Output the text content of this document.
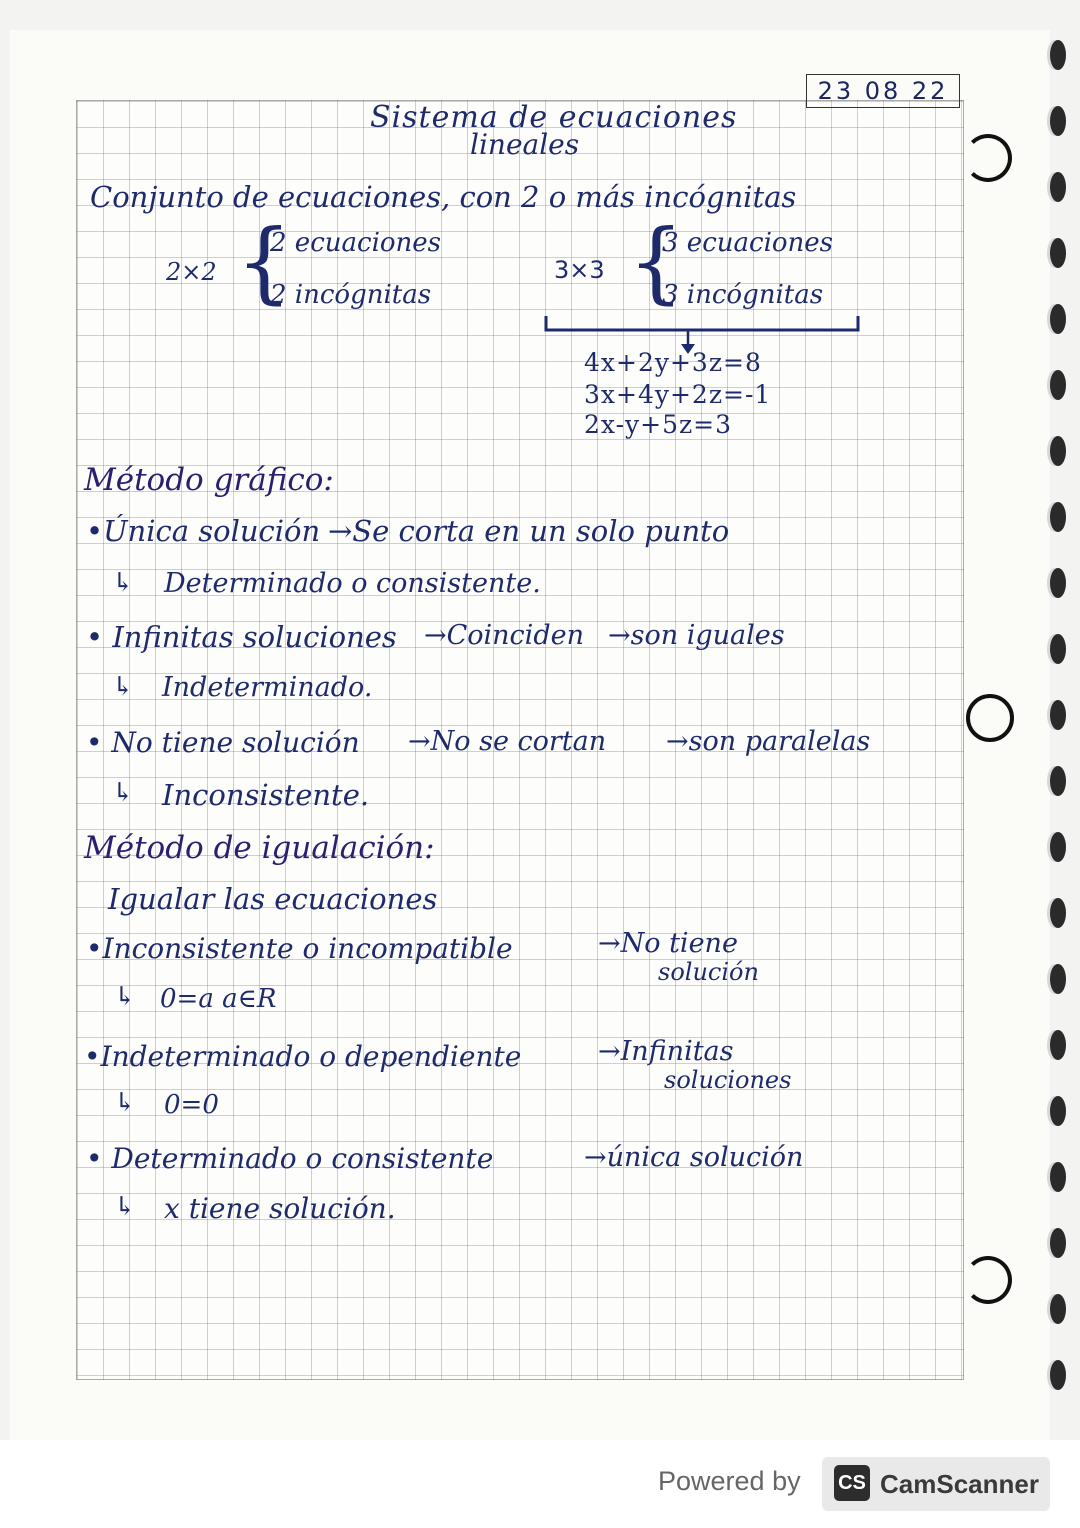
23 08 22
Sistema de ecuaciones
lineales
Conjunto de ecuaciones, con 2 o más incógnitas
2×2 {
2 ecuaciones
2 incógnitas
3×3 {
3 ecuaciones
3 incógnitas
4x+2y+3z=8
3x+4y+2z=-1
2x-y+5z=3
Método gráfico:
•Única solución →Se corta en un solo punto
↳ Determinado o consistente.
• Infinitas soluciones →Coinciden →son iguales
↳ Indeterminado.
• No tiene solución →No se cortan →son paralelas
↳ Inconsistente.
Método de igualación:
Igualar las ecuaciones
•Inconsistente o incompatible	→No tiene
solución
↳ 0=a a∈R
•Indeterminado o dependiente	→Infinitas
soluciones
↳ 0=0
• Determinado o consistente	→única solución
↳ x tiene solución.
Powered by CS CamScanner
